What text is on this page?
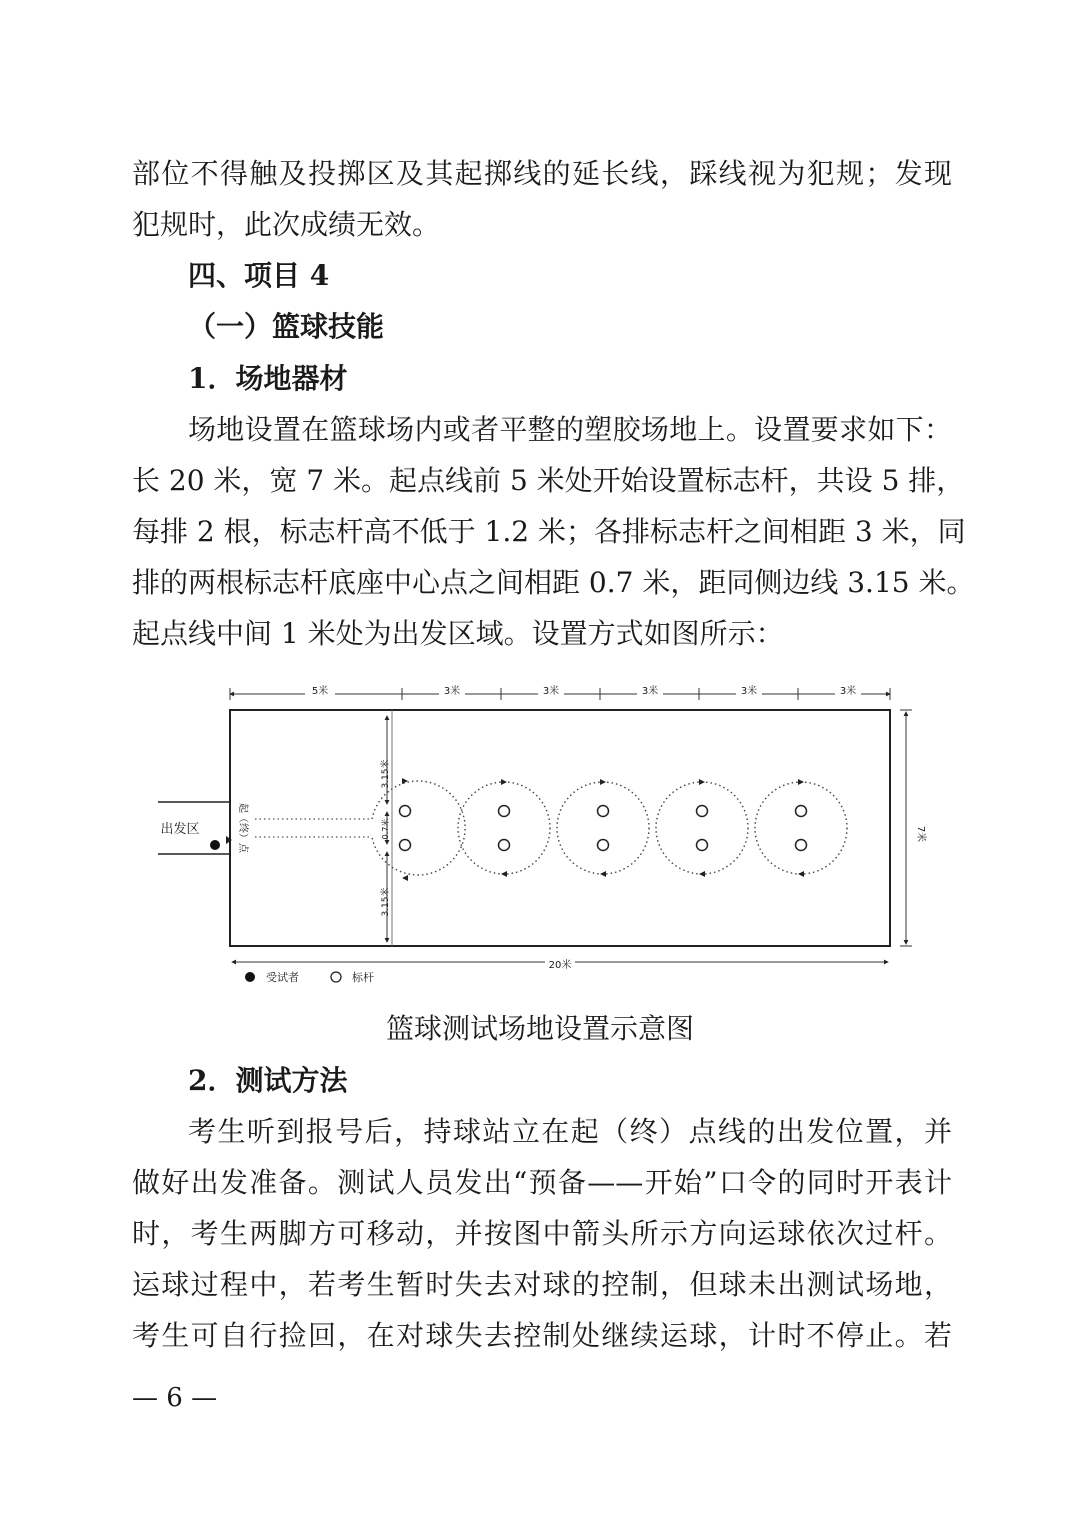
部位不得触及投掷区及其起掷线的延长线，踩线视为犯规；发现
犯规时，此次成绩无效。
四、项目 4
（一）篮球技能
1．场地器材
场地设置在篮球场内或者平整的塑胶场地上。设置要求如下：
长 20 米，宽 7 米。起点线前 5 米处开始设置标志杆，共设 5 排，
每排 2 根，标志杆高不低于 1.2 米；各排标志杆之间相距 3 米，同
排的两根标志杆底座中心点之间相距 0.7 米，距同侧边线 3.15 米。
起点线中间 1 米处为出发区域。设置方式如图所示：
5米	3米	3米	3米	3米	3米
7米
20米
3.15米
3.15米
0.7米
出发区	起（终）点
受试者	标杆
篮球测试场地设置示意图
2．测试方法
考生听到报号后，持球站立在起（终）点线的出发位置，并
做好出发准备。测试人员发出“预备——开始”口令的同时开表计
时，考生两脚方可移动，并按图中箭头所示方向运球依次过杆。
运球过程中，若考生暂时失去对球的控制，但球未出测试场地，
考生可自行捡回，在对球失去控制处继续运球，计时不停止。若
— 6 —
